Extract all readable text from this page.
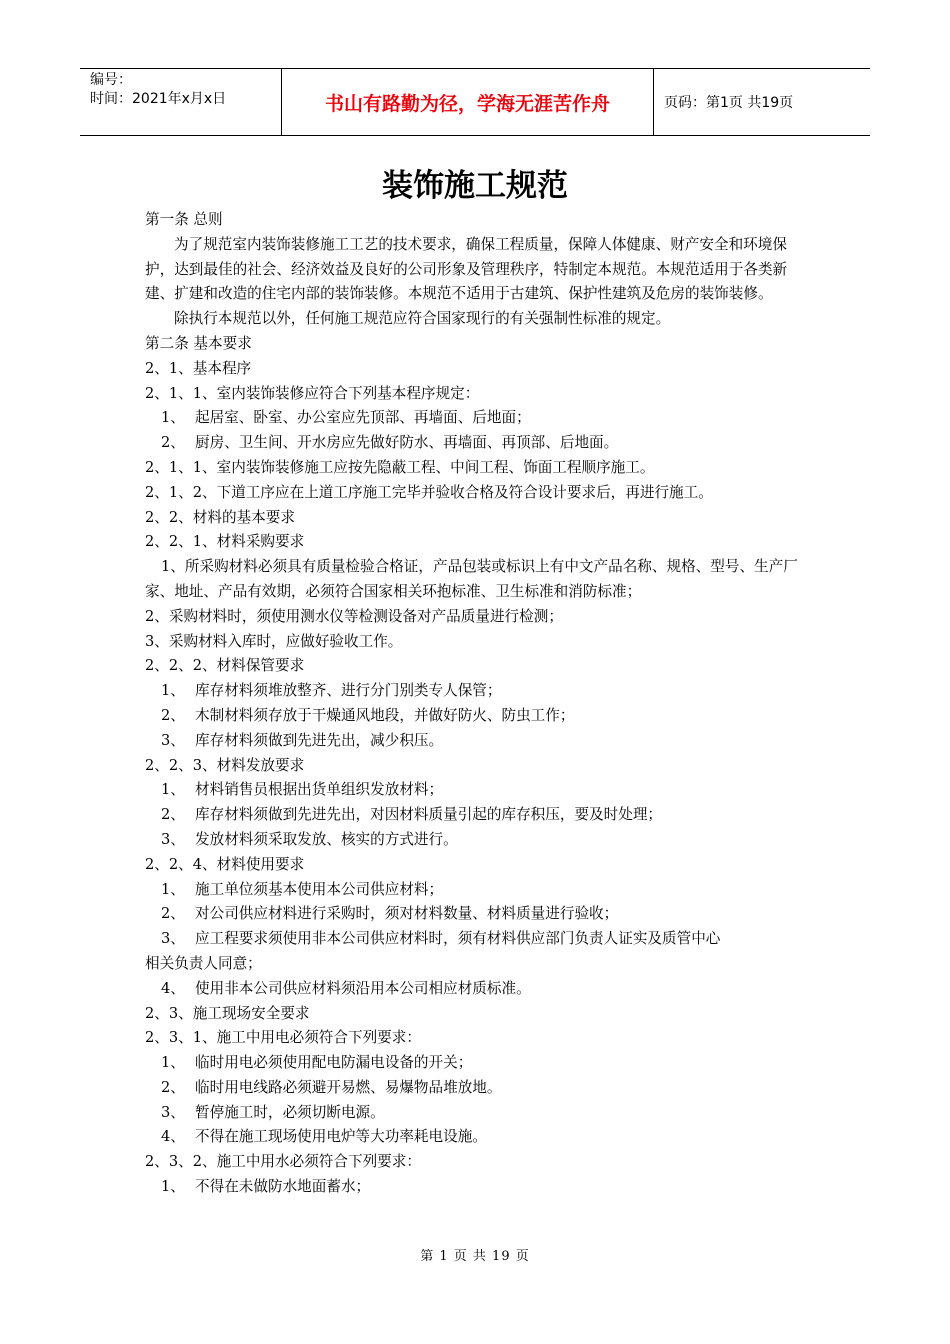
编号：
时间：2021年x月x日	书山有路勤为径，学海无涯苦作舟	页码：第1页 共19页
装饰施工规范

第一条 总则

为了规范室内装饰装修施工工艺的技术要求，确保工程质量，保障人体健康、财产安全和环境保护，达到最佳的社会、经济效益及良好的公司形象及管理秩序，特制定本规范。本规范适用于各类新建、扩建和改造的住宅内部的装饰装修。本规范不适用于古建筑、保护性建筑及危房的装饰装修。

除执行本规范以外，任何施工规范应符合国家现行的有关强制性标准的规定。

第二条 基本要求

2、1、基本程序

2、1、1、室内装饰装修应符合下列基本程序规定：

1、 起居室、卧室、办公室应先顶部、再墙面、后地面；

2、 厨房、卫生间、开水房应先做好防水、再墙面、再顶部、后地面。

2、1、1、室内装饰装修施工应按先隐蔽工程、中间工程、饰面工程顺序施工。

2、1、2、下道工序应在上道工序施工完毕并验收合格及符合设计要求后，再进行施工。

2、2、材料的基本要求

2、2、1、材料采购要求

1、所采购材料必须具有质量检验合格证，产品包装或标识上有中文产品名称、规格、型号、生产厂家、地址、产品有效期，必须符合国家相关环抱标准、卫生标准和消防标准；

2、采购材料时，须使用测水仪等检测设备对产品质量进行检测；

3、采购材料入库时，应做好验收工作。

2、2、2、材料保管要求

1、 库存材料须堆放整齐、进行分门别类专人保管；

2、 木制材料须存放于干燥通风地段，并做好防火、防虫工作；

3、 库存材料须做到先进先出，减少积压。

2、2、3、材料发放要求

1、 材料销售员根据出货单组织发放材料；

2、 库存材料须做到先进先出，对因材料质量引起的库存积压，要及时处理；

3、 发放材料须采取发放、核实的方式进行。

2、2、4、材料使用要求

1、 施工单位须基本使用本公司供应材料；

2、 对公司供应材料进行采购时，须对材料数量、材料质量进行验收；

3、 应工程要求须使用非本公司供应材料时，须有材料供应部门负责人证实及质管中心

相关负责人同意；

4、 使用非本公司供应材料须沿用本公司相应材质标准。

2、3、施工现场安全要求

2、3、1、施工中用电必须符合下列要求：

1、 临时用电必须使用配电防漏电设备的开关；

2、 临时用电线路必须避开易燃、易爆物品堆放地。

3、 暂停施工时，必须切断电源。

4、 不得在施工现场使用电炉等大功率耗电设施。

2、3、2、施工中用水必须符合下列要求：

1、 不得在未做防水地面蓄水；

第 1 页 共 19 页
